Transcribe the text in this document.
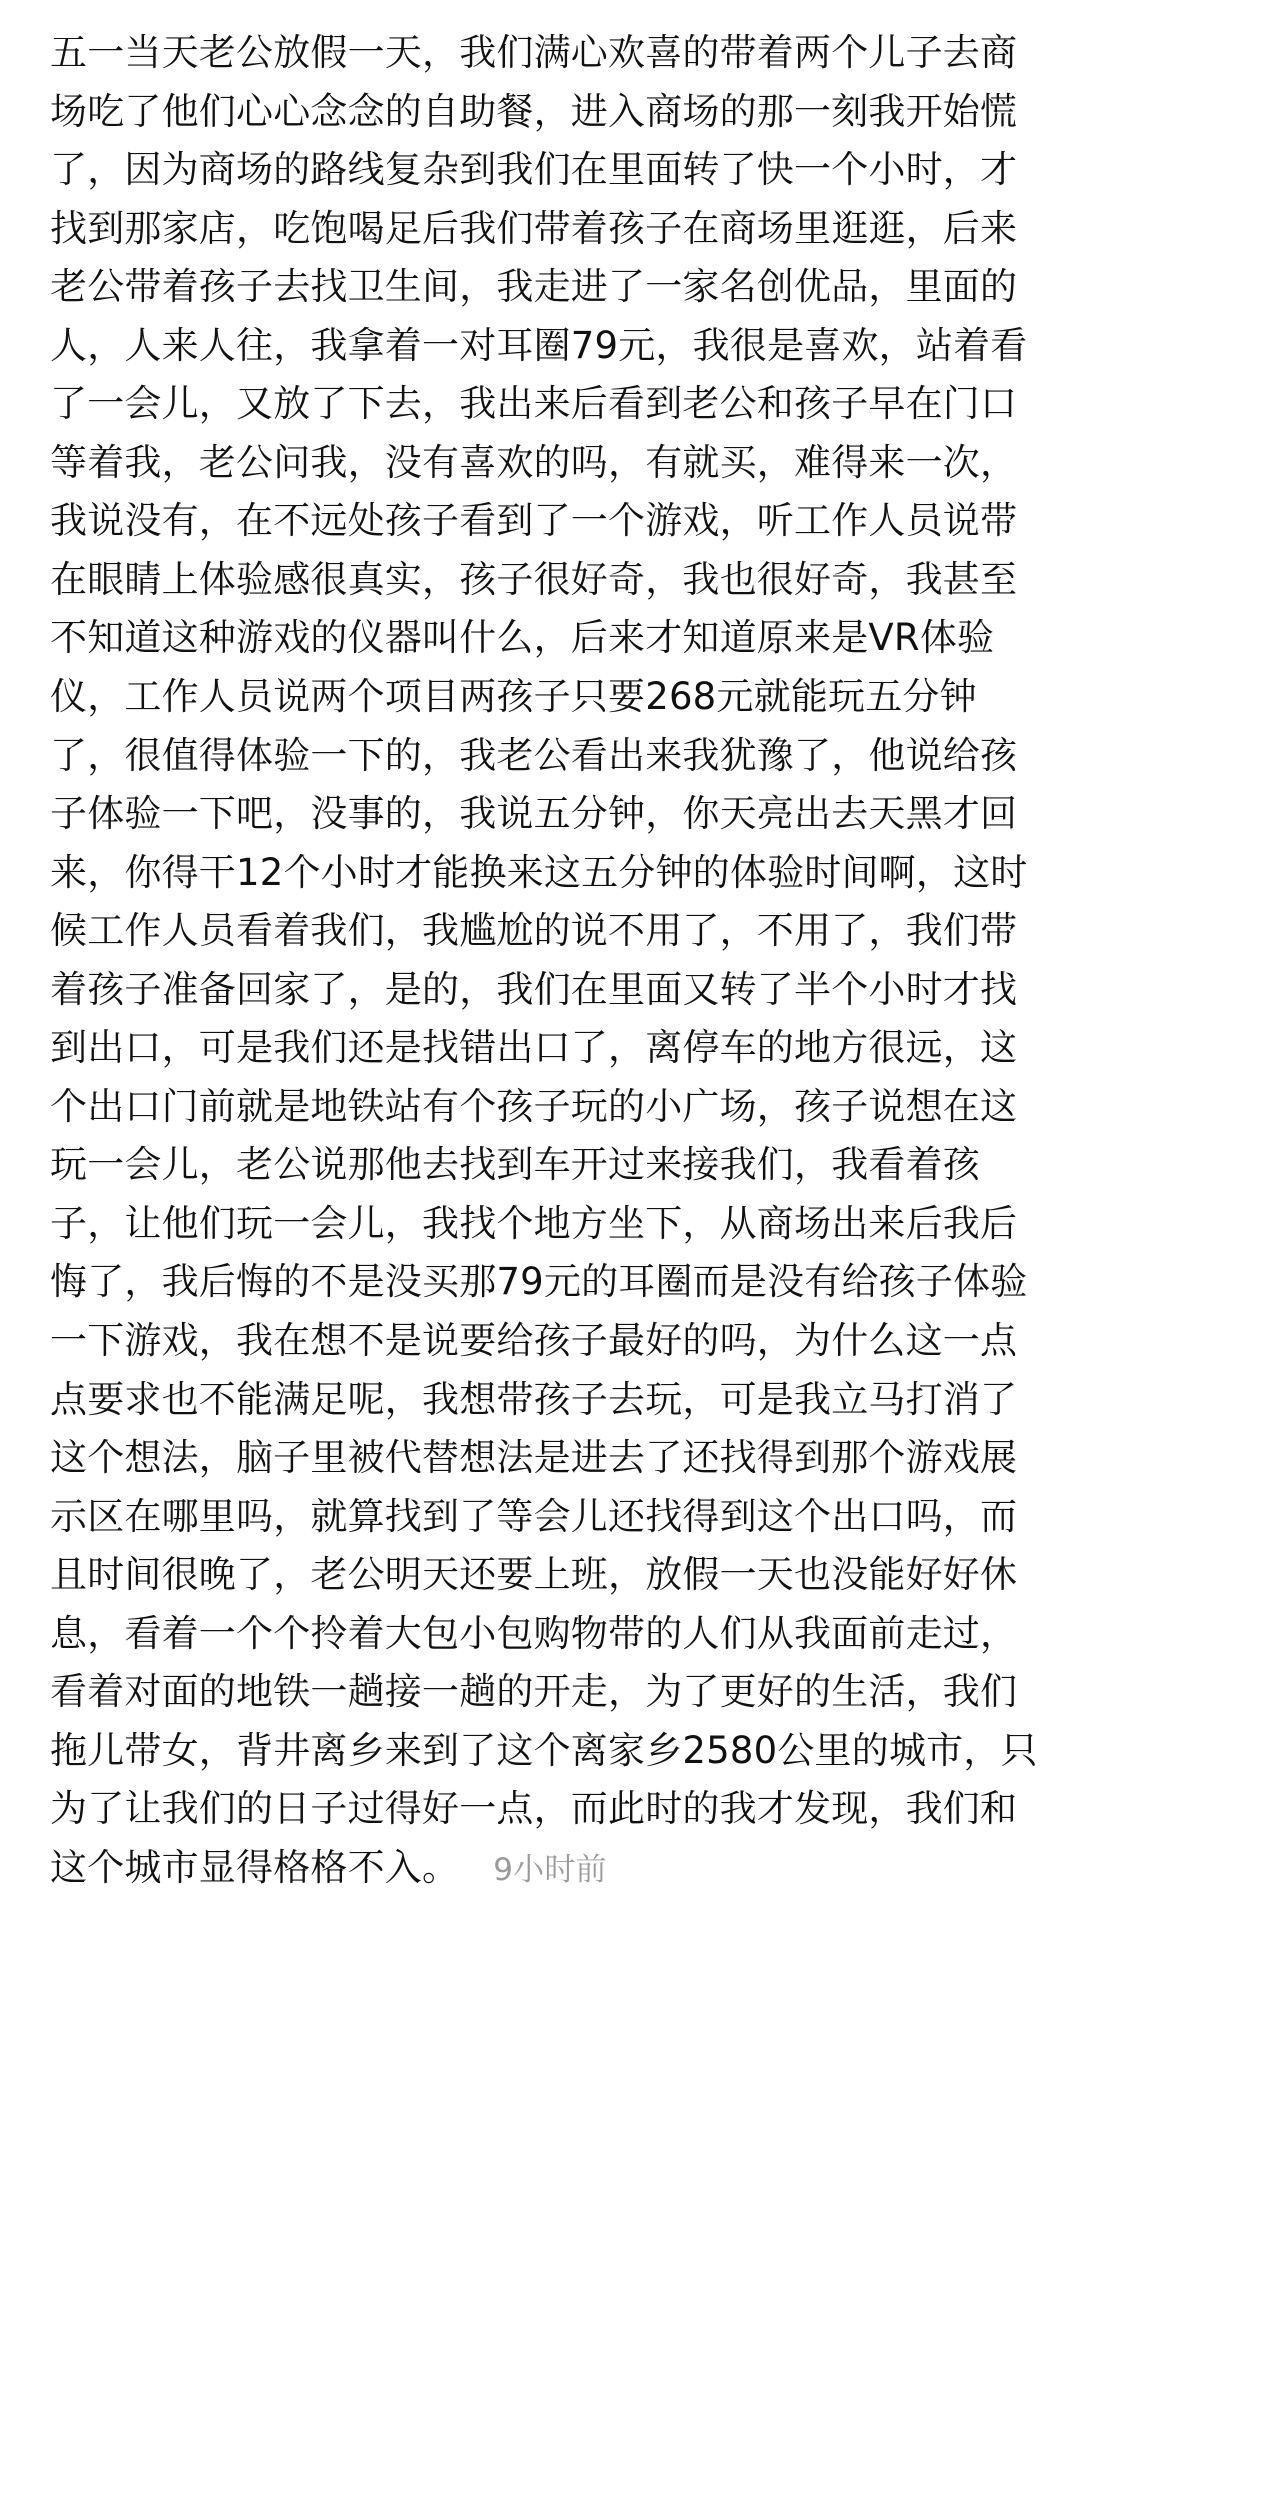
五一当天老公放假一天，我们满心欢喜的带着两个儿子去商
场吃了他们心心念念的自助餐，进入商场的那一刻我开始慌
了，因为商场的路线复杂到我们在里面转了快一个小时，才
找到那家店，吃饱喝足后我们带着孩子在商场里逛逛，后来
老公带着孩子去找卫生间，我走进了一家名创优品，里面的
人，人来人往，我拿着一对耳圈79元，我很是喜欢，站着看
了一会儿，又放了下去，我出来后看到老公和孩子早在门口
等着我，老公问我，没有喜欢的吗，有就买，难得来一次，
我说没有，在不远处孩子看到了一个游戏，听工作人员说带
在眼睛上体验感很真实，孩子很好奇，我也很好奇，我甚至
不知道这种游戏的仪器叫什么，后来才知道原来是VR体验
仪，工作人员说两个项目两孩子只要268元就能玩五分钟
了，很值得体验一下的，我老公看出来我犹豫了，他说给孩
子体验一下吧，没事的，我说五分钟，你天亮出去天黑才回
来，你得干12个小时才能换来这五分钟的体验时间啊，这时
候工作人员看着我们，我尴尬的说不用了，不用了，我们带
着孩子准备回家了，是的，我们在里面又转了半个小时才找
到出口，可是我们还是找错出口了，离停车的地方很远，这
个出口门前就是地铁站有个孩子玩的小广场，孩子说想在这
玩一会儿，老公说那他去找到车开过来接我们，我看着孩
子，让他们玩一会儿，我找个地方坐下，从商场出来后我后
悔了，我后悔的不是没买那79元的耳圈而是没有给孩子体验
一下游戏，我在想不是说要给孩子最好的吗，为什么这一点
点要求也不能满足呢，我想带孩子去玩，可是我立马打消了
这个想法，脑子里被代替想法是进去了还找得到那个游戏展
示区在哪里吗，就算找到了等会儿还找得到这个出口吗，而
且时间很晚了，老公明天还要上班，放假一天也没能好好休
息，看着一个个拎着大包小包购物带的人们从我面前走过，
看着对面的地铁一趟接一趟的开走，为了更好的生活，我们
拖儿带女，背井离乡来到了这个离家乡2580公里的城市，只
为了让我们的日子过得好一点，而此时的我才发现，我们和
这个城市显得格格不入。 9小时前
